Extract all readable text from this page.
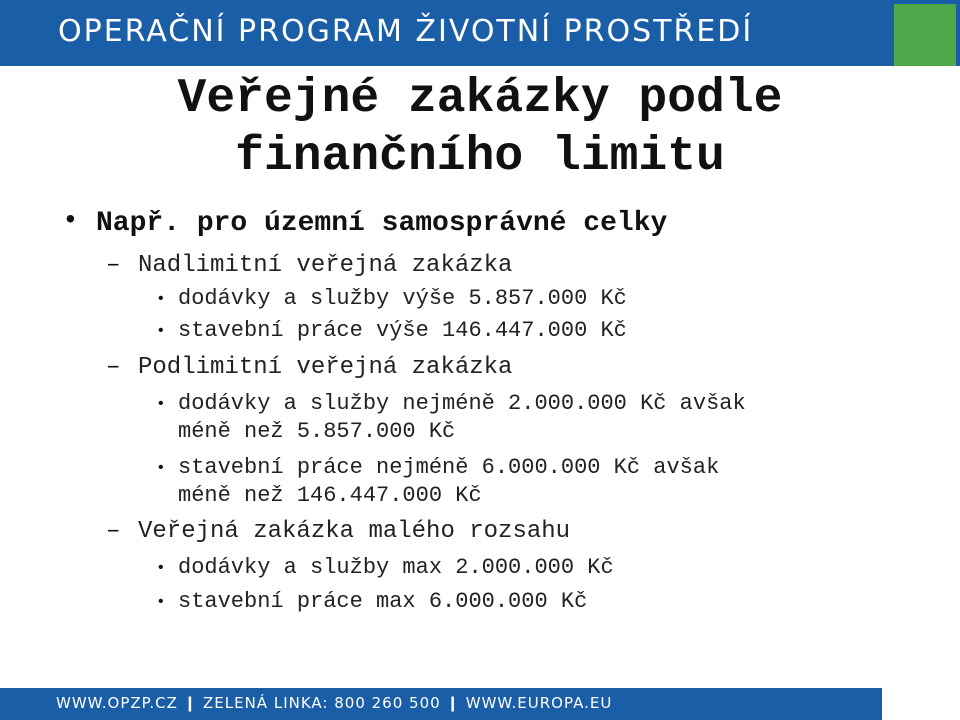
OPERAČNÍ PROGRAM ŽIVOTNÍ PROSTŘEDÍ
Veřejné zakázky podle
finančního limitu
• Např. pro územní samosprávné celky
– Nadlimitní veřejná zakázka
• dodávky a služby výše 5.857.000 Kč
• stavební práce výše 146.447.000 Kč
– Podlimitní veřejná zakázka
• dodávky a služby nejméně 2.000.000 Kč avšak
méně než 5.857.000 Kč
• stavební práce nejméně 6.000.000 Kč avšak
méně než 146.447.000 Kč
– Veřejná zakázka malého rozsahu
• dodávky a služby max 2.000.000 Kč
• stavební práce max 6.000.000 Kč
WWW.OPZP.CZ ❙ ZELENÁ LINKA: 800 260 500 ❙ WWW.EUROPA.EU
